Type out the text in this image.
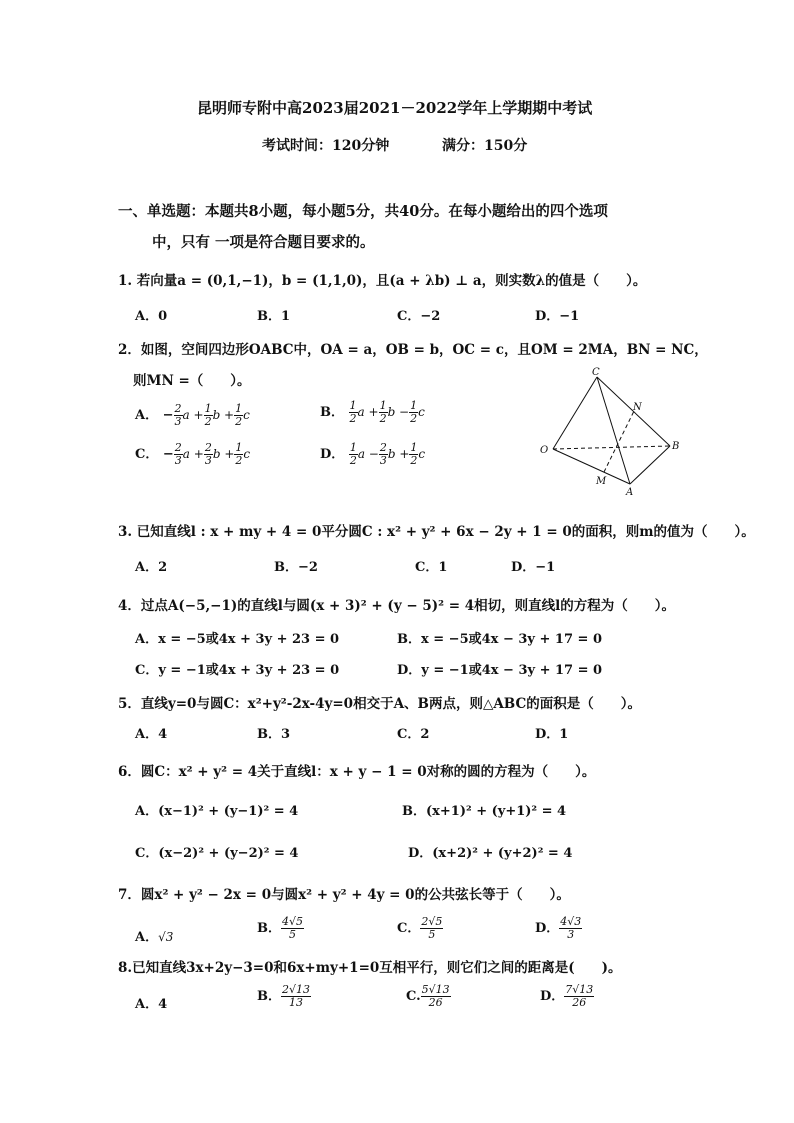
昆明师专附中高2023届2021－2022学年上学期期中考试
考试时间：120分钟	满分：150分
一、单选题：本题共8小题，每小题5分，共40分。在每小题给出的四个选项
中，只有 一项是符合题目要求的。
1. 若向量a = (0,1,−1)，b = (1,1,0)，且(a + λb) ⊥ a，则实数λ的值是（　　）。
A．0	B．1	C．−2	D．−1
2．如图，空间四边形OABC中，OA = a，OB = b，OC = c，且OM = 2MA，BN = NC，
则MN =（　　）。
A． − $\frac{2}{3}$ $a + \frac{1}{2}$ $b + \frac{1}{2}$ c	B． $\frac{1}{2}$ $a + \frac{1}{2}$ $b - \frac{1}{2}$ c
C． − $\frac{2}{3}$ $a + \frac{2}{3}$ $b + \frac{1}{2}$ c	D． $\frac{1}{2}$ $a - \frac{2}{3}$ $b + \frac{1}{2}$ c
C
N
O	B
M
A
3. 已知直线l : x + my + 4 = 0平分圆C : x² + y² + 6x − 2y + 1 = 0的面积，则m的值为（　　）。
A．2	B．−2	C．1	D．−1
4．过点A(−5,−1)的直线l与圆(x + 3)² + (y − 5)² = 4相切，则直线l的方程为（　　）。
A．x = −5或4x + 3y + 23 = 0	B．x = −5或4x − 3y + 17 = 0
C．y = −1或4x + 3y + 23 = 0	D．y = −1或4x − 3y + 17 = 0
5．直线y=0与圆C：x²+y²-2x-4y=0相交于A、B两点，则△ABC的面积是（　　）。
A．4	B．3	C．2	D．1
6．圆C：x² + y² = 4关于直线l：x + y − 1 = 0对称的圆的方程为（　　）。
A．(x−1)² + (y−1)² = 4	B．(x+1)² + (y+1)² = 4
C．(x−2)² + (y−2)² = 4	D．(x+2)² + (y+2)² = 4
7．圆x² + y² − 2x = 0与圆x² + y² + 4y = 0的公共弦长等于（　　）。
A．√3
B． $\frac{4√5}{5}$	C． $\frac{2√5}{5}$	D． $\frac{4√3}{3}$
8.已知直线3x+2y−3=0和6x+my+1=0互相平行，则它们之间的距离是(　　)。
A．4
B． $\frac{2√13}{13}$	C. $\frac{5√13}{26}$	D． $\frac{7√13}{26}$
